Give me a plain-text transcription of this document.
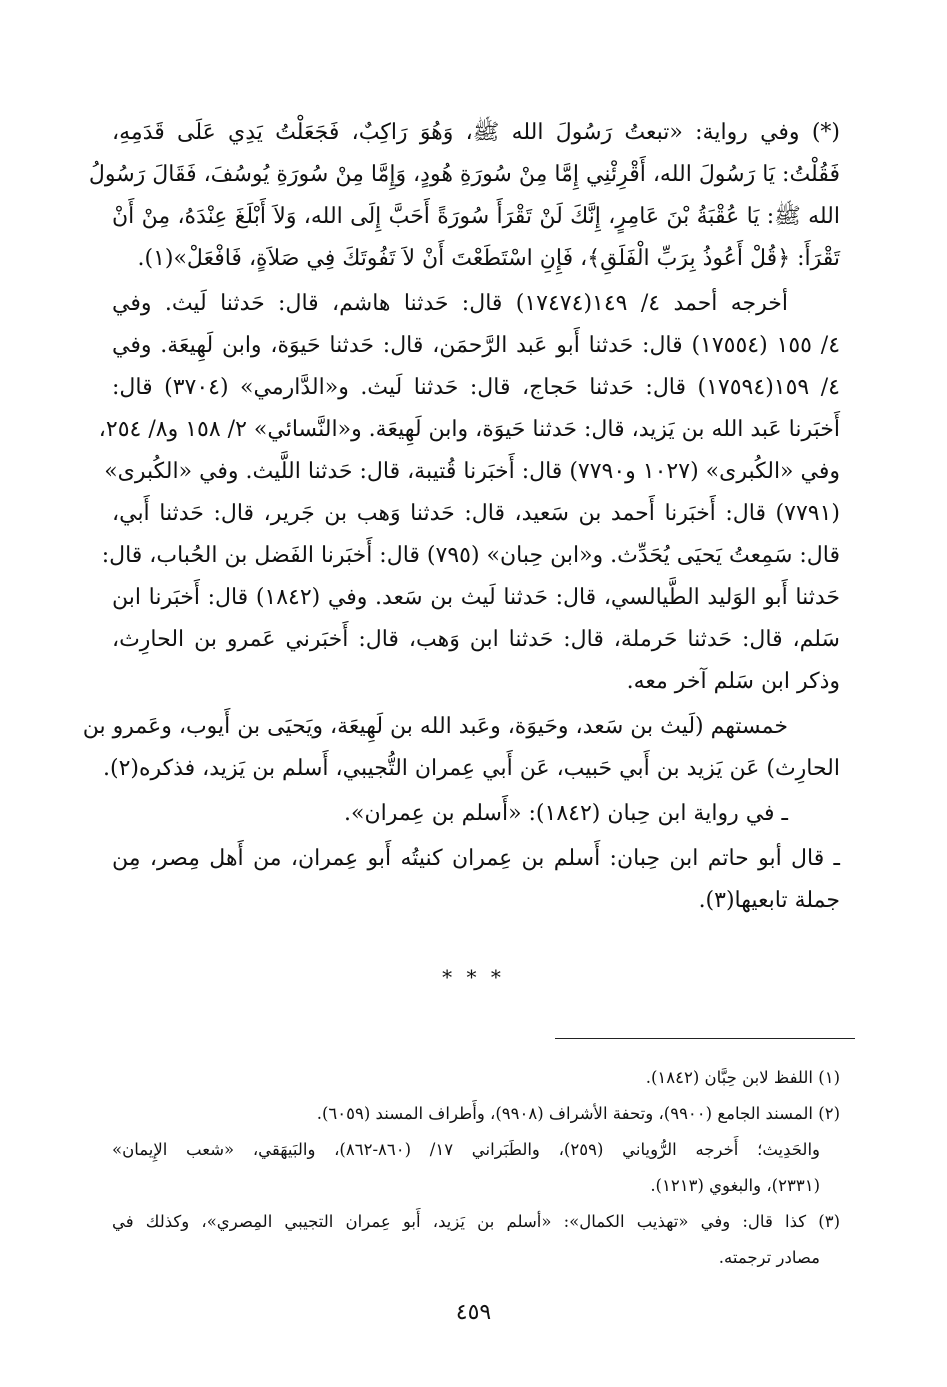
(*) وفي رواية: «تبعتُ رَسُولَ الله ﷺ، وَهُوَ رَاكِبٌ، فَجَعَلْتُ يَدِي عَلَى قَدَمِهِ،
فَقُلْتُ: يَا رَسُولَ الله، أَقْرِئْنِي إِمَّا مِنْ سُورَةِ هُودٍ، وَإِمَّا مِنْ سُورَةِ يُوسُفَ، فَقَالَ رَسُولُ
الله ﷺ: يَا عُقْبَةُ بْنَ عَامِرٍ، إِنَّكَ لَنْ تَقْرَأَ سُورَةً أَحَبَّ إِلَى الله، وَلاَ أَبْلَغَ عِنْدَهُ، مِنْ أَنْ
تَقْرَأَ: ﴿قُلْ أَعُوذُ بِرَبِّ الْفَلَقِ﴾، فَإِنِ اسْتَطَعْتَ أَنْ لاَ تَفُوتَكَ فِي صَلاَةٍ، فَافْعَلْ»(١).
أخرجه أحمد ٤/ ١٤٩(١٧٤٧٤) قال: حَدثنا هاشم، قال: حَدثنا لَيث. وفي
٤/ ١٥٥ (١٧٥٥٤) قال: حَدثنا أَبو عَبد الرَّحمَن، قال: حَدثنا حَيوَة، وابن لَهِيعَة. وفي
٤/ ١٥٩(١٧٥٩٤) قال: حَدثنا حَجاج، قال: حَدثنا لَيث. و«الدَّارمي» (٣٧٠٤) قال:
أَخبَرنا عَبد الله بن يَزيد، قال: حَدثنا حَيوَة، وابن لَهِيعَة. و«النَّسائي» ٢/ ١٥٨ و٨/ ٢٥٤،
وفي «الكُبرى» (١٠٢٧ و٧٧٩٠) قال: أَخبَرنا قُتيبة، قال: حَدثنا اللَّيث. وفي «الكُبرى»
(٧٧٩١) قال: أَخبَرنا أَحمد بن سَعيد، قال: حَدثنا وَهب بن جَرير، قال: حَدثنا أَبي،
قال: سَمِعتُ يَحيَى يُحَدِّث. و«ابن حِبان» (٧٩٥) قال: أَخبَرنا الفَضل بن الحُباب، قال:
حَدثنا أَبو الوَليد الطَّيالسي، قال: حَدثنا لَيث بن سَعد. وفي (١٨٤٢) قال: أَخبَرنا ابن
سَلم، قال: حَدثنا حَرملة، قال: حَدثنا ابن وَهب، قال: أَخبَرني عَمرو بن الحارِث،
وذكر ابن سَلم آخر معه.
خمستهم (لَيث بن سَعد، وحَيوَة، وعَبد الله بن لَهِيعَة، ويَحيَى بن أَيوب، وعَمرو بن
الحارِث) عَن يَزيد بن أَبي حَبيب، عَن أَبي عِمران التُّجيبي، أَسلم بن يَزيد، فذكره(٢).
ـ في رواية ابن حِبان (١٨٤٢): «أَسلم بن عِمران».
ـ قال أبو حاتم ابن حِبان: أَسلم بن عِمران كنيتُه أَبو عِمران، من أَهل مِصر، مِن
جملة تابعيها(٣).
* * *
(١) اللفظ لابن حِبَّان (١٨٤٢).
(٢) المسند الجامع (٩٩٠٠)، وتحفة الأشراف (٩٩٠٨)، وأَطراف المسند (٦٠٥٩).
والحَدِيث؛ أَخرجه الرُّوياني (٢٥٩)، والطَبَراني ١٧/ (٨٦٠-٨٦٢)، والبَيهَقي، «شعب الإِيمان»
(٢٣٣١)، والبغوي (١٢١٣).
(٣) كذا قال: وفي «تهذيب الكمال»: «أسلم بن يَزيد، أَبو عِمران التجيبي المِصري»، وكذلك في
مصادر ترجمته.
٤٥٩
